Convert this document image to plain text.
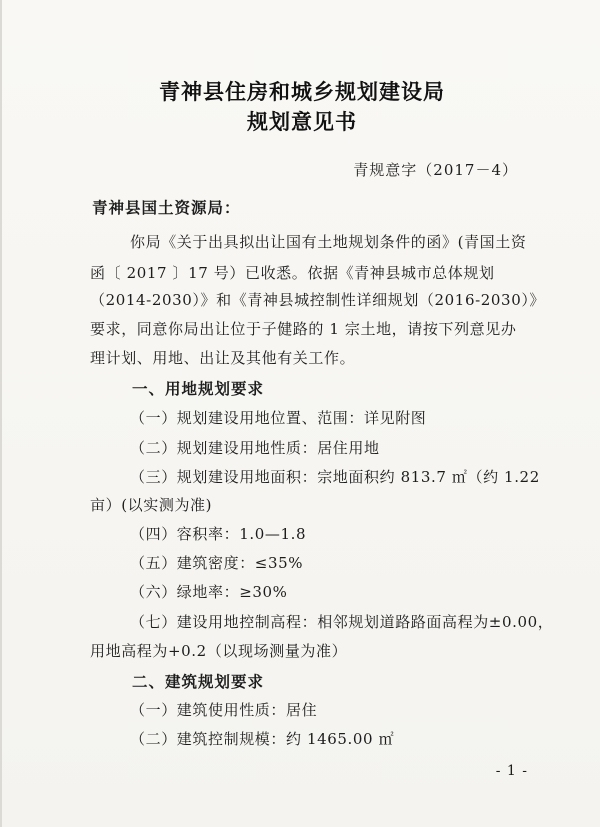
青神县住房和城乡规划建设局
规划意见书
青规意字（2017－4）
青神县国土资源局：
你局《关于出具拟出让国有土地规划条件的函》(青国土资
函〔 2017 〕17 号）已收悉。依据《青神县城市总体规划
（2014-2030）》和《青神县城控制性详细规划（2016-2030）》
要求，同意你局出让位于子健路的 1 宗土地，请按下列意见办
理计划、用地、出让及其他有关工作。
一、用地规划要求
（一）规划建设用地位置、范围：详见附图
（二）规划建设用地性质：居住用地
（三）规划建设用地面积：宗地面积约 813.7 ㎡（约 1.22
亩）(以实测为准)
（四）容积率：1.0—1.8
（五）建筑密度：≤35%
（六）绿地率：≥30%
（七）建设用地控制高程：相邻规划道路路面高程为±0.00，
用地高程为+0.2（以现场测量为准）
二、建筑规划要求
（一）建筑使用性质：居住
（二）建筑控制规模：约 1465.00 ㎡
- 1 -
